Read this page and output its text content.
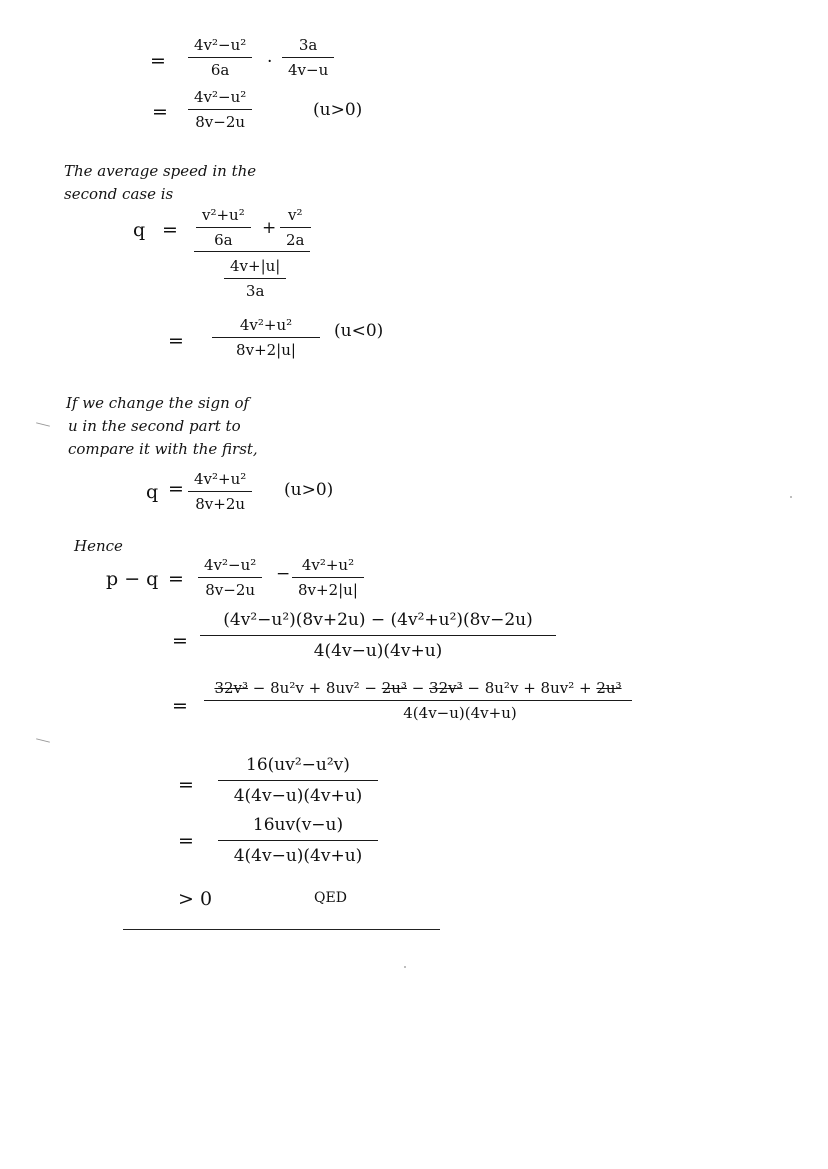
=
4v²−u²
6a	·
3a
4v−u
=
4v²−u²
8v−2u
(u>0)
The average speed in the
second case is
q =
v²+u²
6a
+
v²
2a
4v+|u|
3a
=
4v²+u²
8v+2|u|
(u<0)
If we change the sign of
u in the second part to
compare it with the first,
q = 4v²+u²
8v+2u
(u>0)
Hence
p − q =
4v²−u²
8v−2u
− 4v²+u²
8v+2|u|
=
(4v²−u²)(8v+2u) − (4v²+u²)(8v−2u)
4(4v−u)(4v+u)
=
32v³ − 8u²v + 8uv² − 2u³ − 32v³ − 8u²v + 8uv² + 2u³
4(4v−u)(4v+u)
=
16(uv²−u²v)
4(4v−u)(4v+u)
=
16uv(v−u)
4(4v−u)(4v+u)
> 0	QED
